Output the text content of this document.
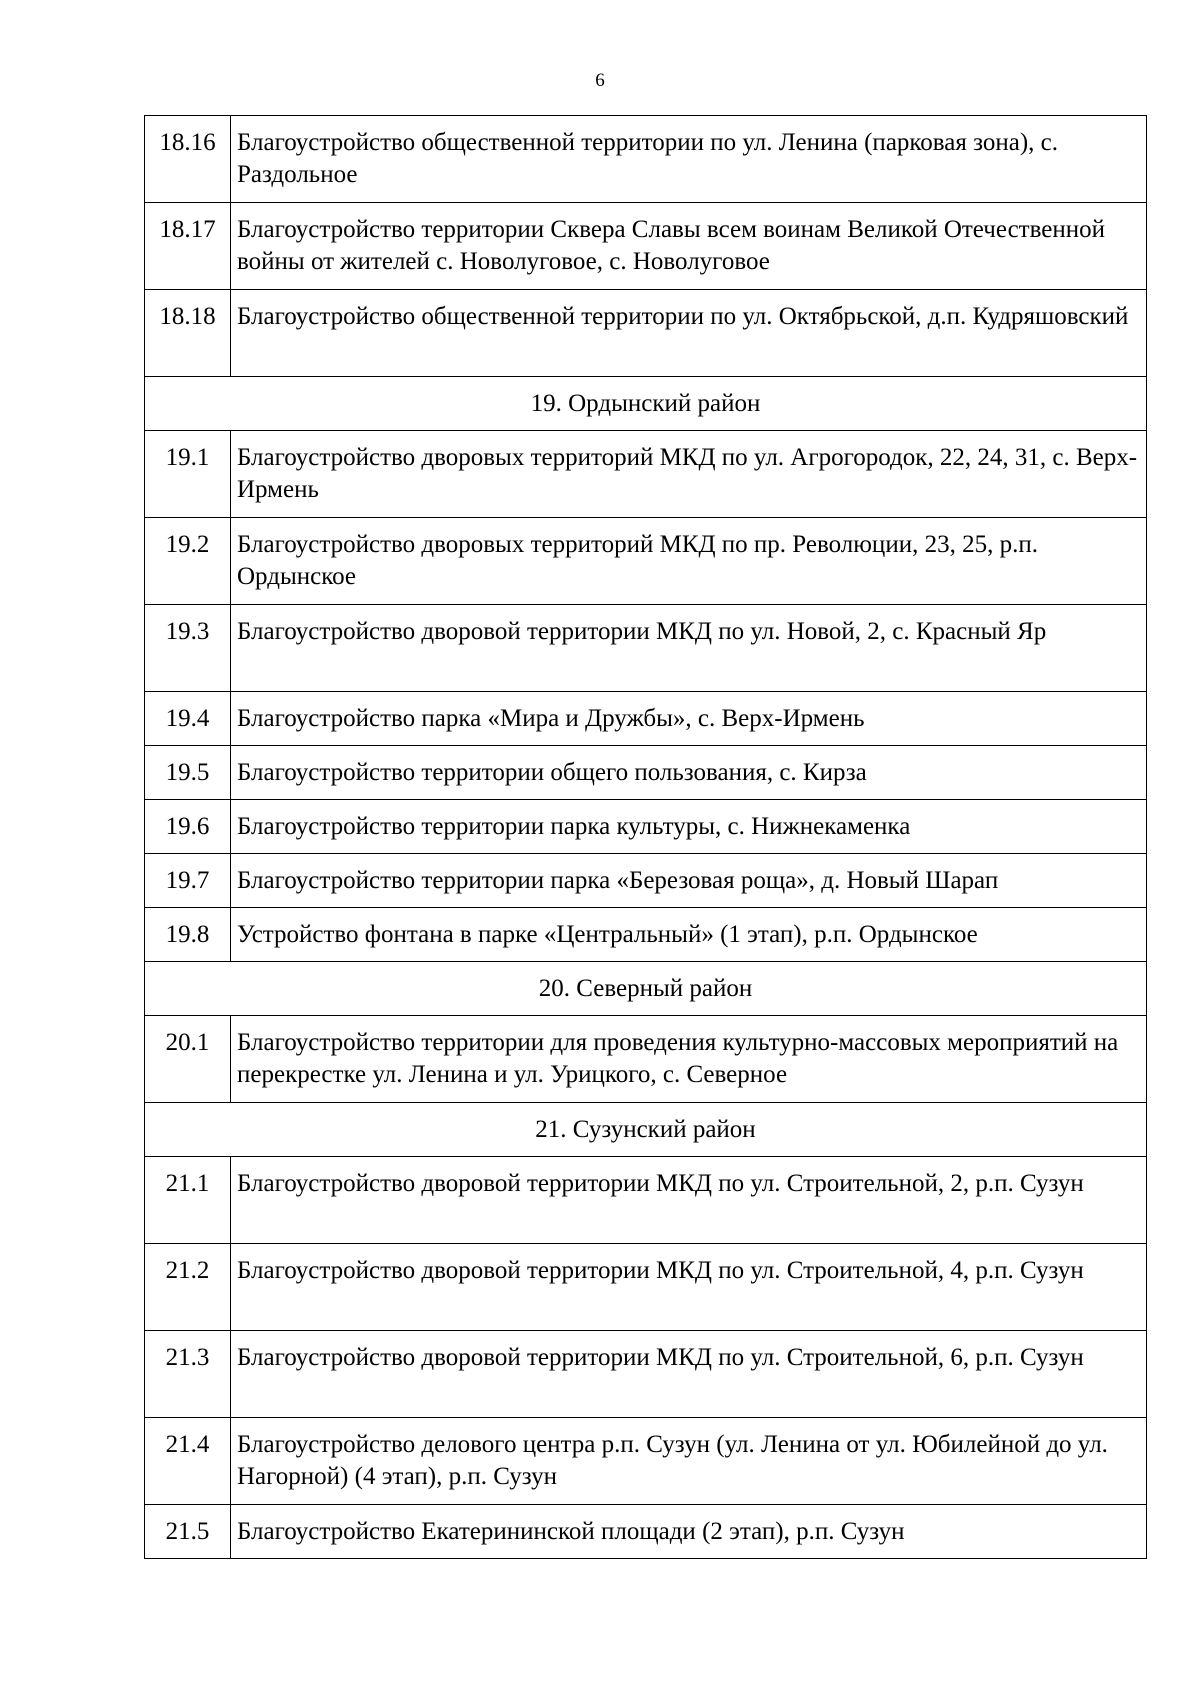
6
18.16	Благоустройство общественной территории по ул. Ленина (парковая зона), с. Раздольное
18.17	Благоустройство территории Сквера Славы всем воинам Великой Отечественной войны от жителей с. Новолуговое, с. Новолуговое
18.18	Благоустройство общественной территории по ул. Октябрьской, д.п. Кудряшовский
19. Ордынский район	
19.1	Благоустройство дворовых территорий МКД по ул. Агрогородок, 22, 24, 31, с. Верх-Ирмень
19.2	Благоустройство дворовых территорий МКД по пр. Революции, 23, 25, р.п. Ордынское
19.3	Благоустройство дворовой территории МКД по ул. Новой, 2, с. Красный Яр
19.4	Благоустройство парка «Мира и Дружбы», с. Верх-Ирмень
19.5	Благоустройство территории общего пользования, с. Кирза
19.6	Благоустройство территории парка культуры, с. Нижнекаменка
19.7	Благоустройство территории парка «Березовая роща», д. Новый Шарап
19.8	Устройство фонтана в парке «Центральный» (1 этап), р.п. Ордынское
20. Северный район	
20.1	Благоустройство территории для проведения культурно-массовых мероприятий на перекрестке ул. Ленина и ул. Урицкого, с. Северное
21. Сузунский район	
21.1	Благоустройство дворовой территории МКД по ул. Строительной, 2, р.п. Сузун
21.2	Благоустройство дворовой территории МКД по ул. Строительной, 4, р.п. Сузун
21.3	Благоустройство дворовой территории МКД по ул. Строительной, 6, р.п. Сузун
21.4	Благоустройство делового центра р.п. Сузун (ул. Ленина от ул. Юбилейной до ул. Нагорной) (4 этап), р.п. Сузун
21.5	Благоустройство Екатерининской площади (2 этап), р.п. Сузун
